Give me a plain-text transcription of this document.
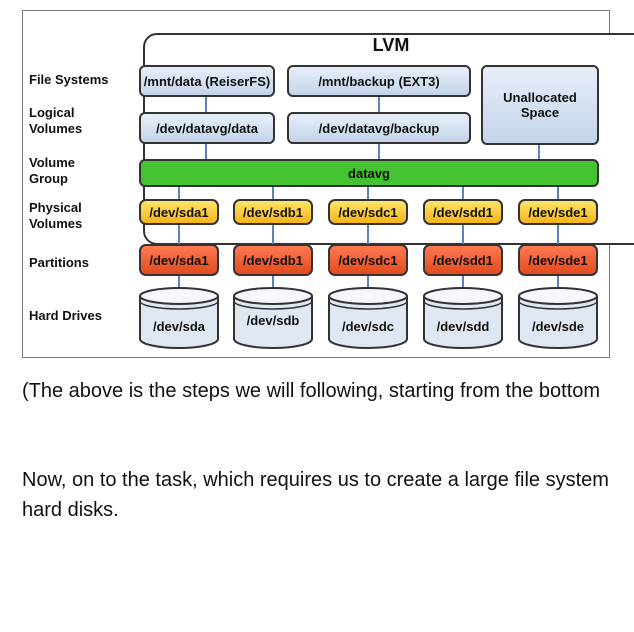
LVM
File Systems
Logical Volumes
Volume Group
Physical Volumes
Partitions
Hard Drives
/mnt/data (ReiserFS)	/mnt/backup (EXT3)
Unallocated Space
/dev/datavg/data	/dev/datavg/backup
datavg
/dev/sda1	/dev/sdb1	/dev/sdc1	/dev/sdd1	/dev/sde1
/dev/sda1	/dev/sdb1	/dev/sdc1	/dev/sdd1	/dev/sde1
/dev/sda	/dev/sdb	/dev/sdc	/dev/sdd	/dev/sde
(The above is the steps we will following, starting from the bottom
Now, on to the task, which requires us to create a large file system
hard disks.
